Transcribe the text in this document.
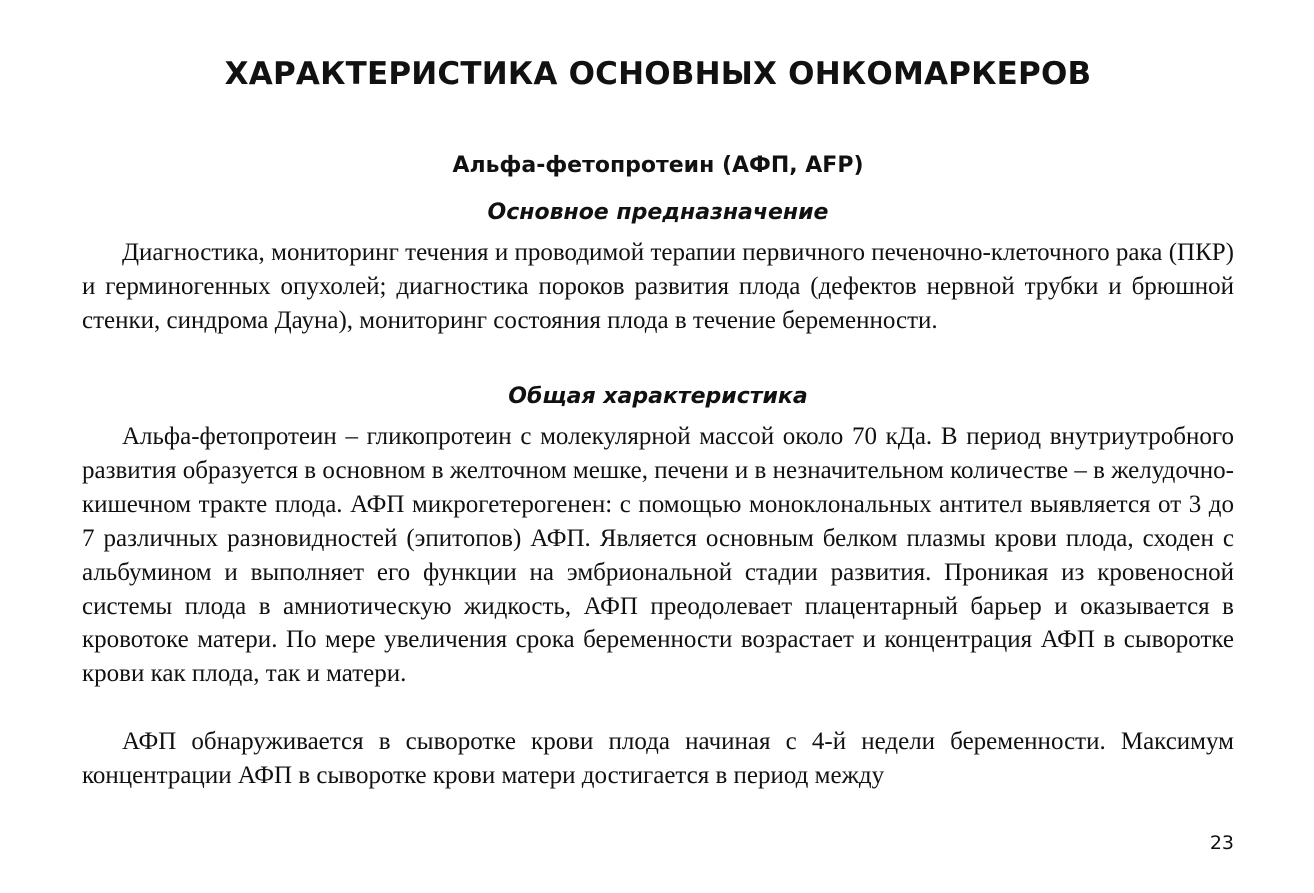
ХАРАКТЕРИСТИКА ОСНОВНЫХ ОНКОМАРКЕРОВ
Альфа-фетопротеин (АФП, AFP)
Основное предназначение

Диагностика, мониторинг течения и проводимой терапии первичного печеночно-клеточного рака (ПКР) и герминогенных опухолей; диагностика пороков развития плода (дефектов нервной трубки и брюшной стенки, синдрома Дауна), мониторинг состояния плода в течение беременности.

Общая характеристика

Альфа-фетопротеин – гликопротеин с молекулярной массой около 70 кДа. В период внутриутробного развития образуется в основном в желточном мешке, печени и в незначительном количестве – в желудочно-кишечном тракте плода. АФП микрогетерогенен: с помощью моноклональных антител выявляется от 3 до 7 различных разновидностей (эпитопов) АФП. Является основным белком плазмы крови плода, сходен с альбумином и выполняет его функции на эмбриональной стадии развития. Проникая из кровеносной системы плода в амниотическую жидкость, АФП преодолевает плацентарный барьер и оказывается в кровотоке матери. По мере увеличения срока беременности возрастает и концентрация АФП в сыворотке крови как плода, так и матери.

АФП обнаруживается в сыворотке крови плода начиная с 4-й недели беременности. Максимум концентрации АФП в сыворотке крови матери достигается в период между

23
